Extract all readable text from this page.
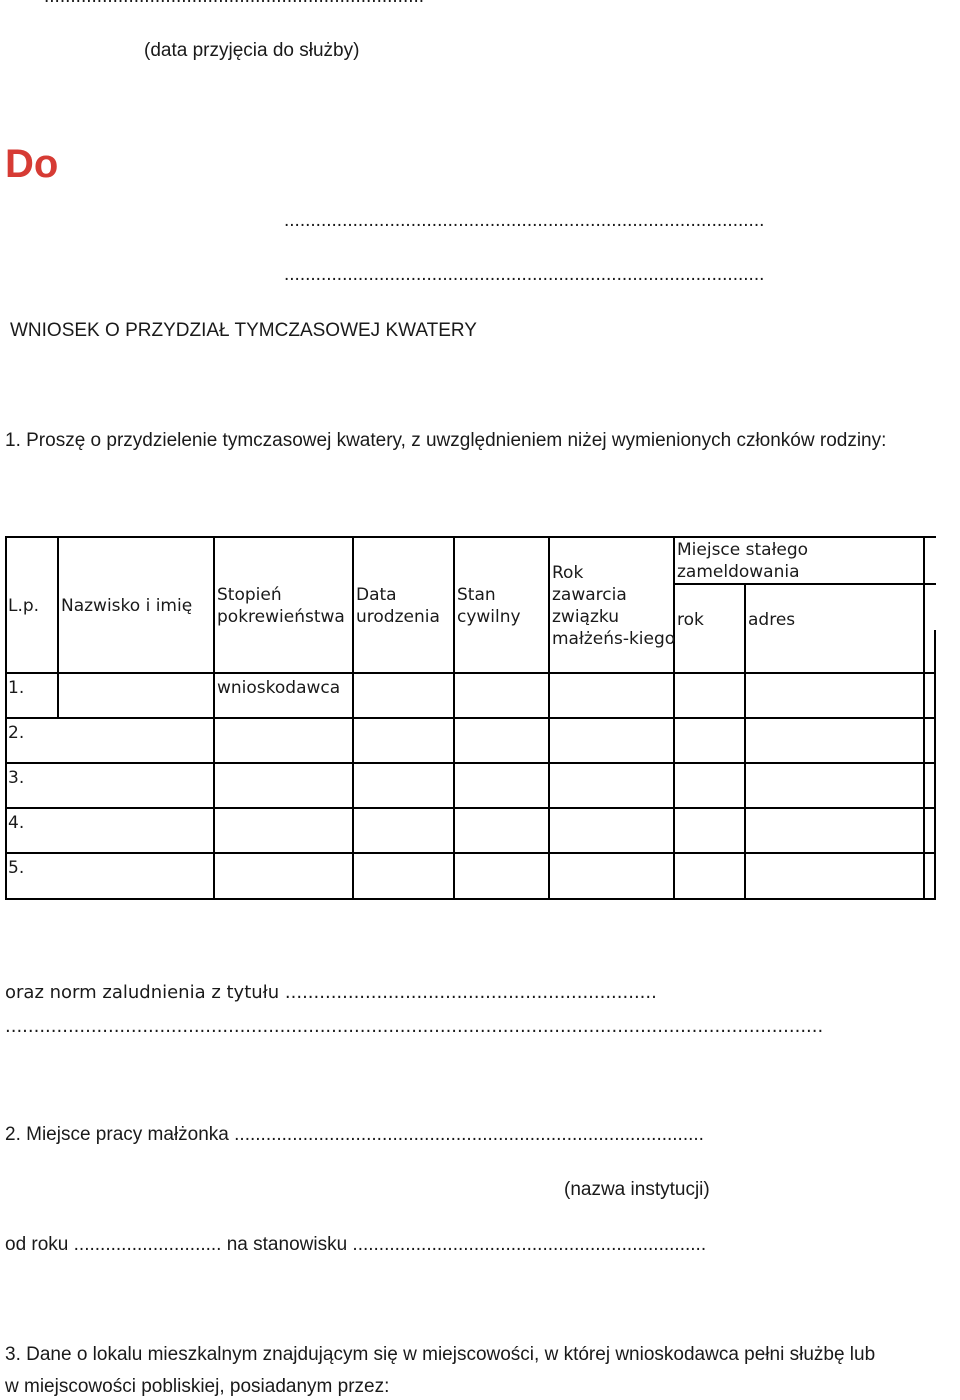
(data przyjęcia do służby)
Do
...........................................................................................
...........................................................................................
WNIOSEK O PRZYDZIAŁ TYMCZASOWEJ KWATERY
1. Proszę o przydzielenie tymczasowej kwatery, z uwzględnieniem niżej wymienionych członków rodziny:
L.p. Nazwisko i imię
Stopień
pokrewieństwa
Data
urodzenia
Stan
cywilny
Rok
zawarcia
związku
małżeńs-kiego
Miejsce stałego
zameldowania
rok	adres
1.	wnioskodawca
2.
3.
4.
5.
oraz norm zaludnienia z tytułu .................................................................
...............................................................................................................................................
2. Miejsce pracy małżonka .........................................................................................
(nazwa instytucji)
od roku ............................ na stanowisku ...................................................................
3. Dane o lokalu mieszkalnym znajdującym się w miejscowości, w której wnioskodawca pełni służbę lub
w miejscowości pobliskiej, posiadanym przez:
